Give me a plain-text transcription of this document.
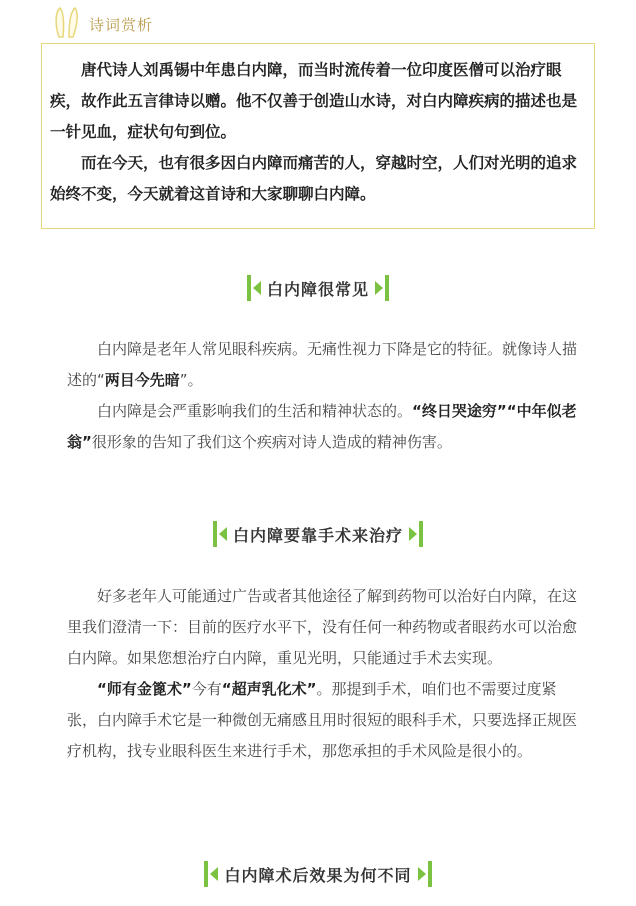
诗词赏析

唐代诗人刘禹锡中年患白内障，而当时流传着一位印度医僧可以治疗眼疾，故作此五言律诗以赠。他不仅善于创造山水诗，对白内障疾病的描述也是一针见血，症状句句到位。

而在今天，也有很多因白内障而痛苦的人，穿越时空，人们对光明的追求始终不变，今天就着这首诗和大家聊聊白内障。

白内障很常见

白内障是老年人常见眼科疾病。无痛性视力下降是它的特征。就像诗人描述的“两目今先暗”。

白内障是会严重影响我们的生活和精神状态的。“终日哭途穷”“中年似老翁”很形象的告知了我们这个疾病对诗人造成的精神伤害。

白内障要靠手术来治疗

好多老年人可能通过广告或者其他途径了解到药物可以治好白内障，在这里我们澄清一下：目前的医疗水平下，没有任何一种药物或者眼药水可以治愈白内障。如果您想治疗白内障，重见光明，只能通过手术去实现。

“师有金篦术”今有“超声乳化术”。那提到手术，咱们也不需要过度紧张，白内障手术它是一种微创无痛感且用时很短的眼科手术，只要选择正规医疗机构，找专业眼科医生来进行手术，那您承担的手术风险是很小的。

白内障术后效果为何不同
